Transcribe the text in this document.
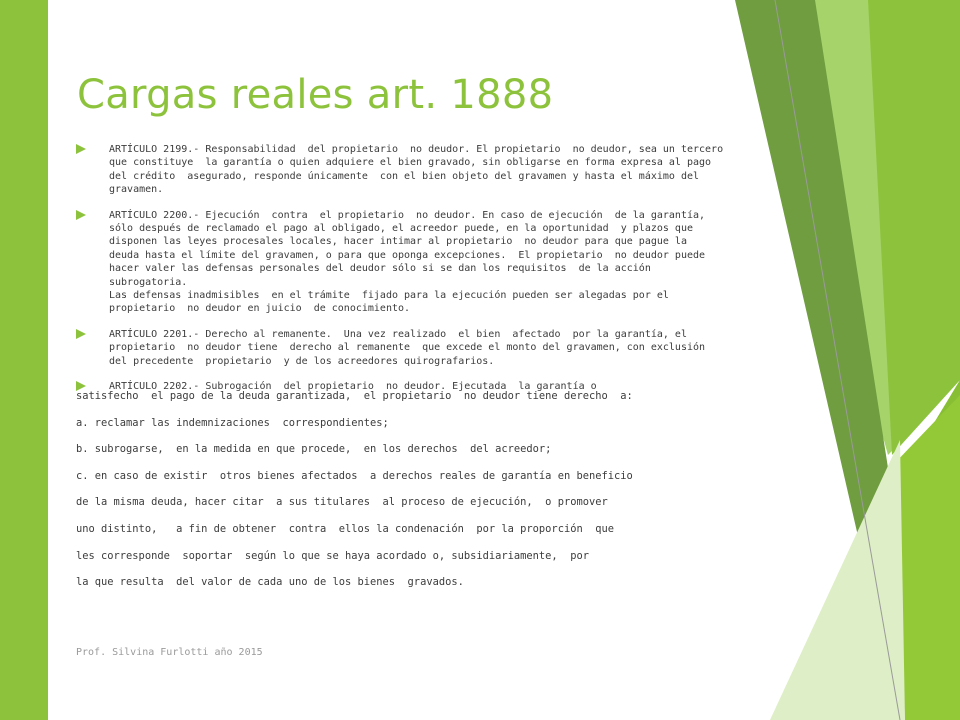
Cargas reales art. 1888
ARTÍCULO 2199.- Responsabilidad  del propietario  no deudor. El propietario  no deudor, sea un tercero
que constituye  la garantía o quien adquiere el bien gravado, sin obligarse en forma expresa al pago
del crédito  asegurado, responde únicamente  con el bien objeto del gravamen y hasta el máximo del
gravamen.
ARTÍCULO 2200.- Ejecución  contra  el propietario  no deudor. En caso de ejecución  de la garantía,
sólo después de reclamado el pago al obligado, el acreedor puede, en la oportunidad  y plazos que
disponen las leyes procesales locales, hacer intimar al propietario  no deudor para que pague la
deuda hasta el límite del gravamen, o para que oponga excepciones.  El propietario  no deudor puede
hacer valer las defensas personales del deudor sólo si se dan los requisitos  de la acción subrogatoria.
Las defensas inadmisibles  en el trámite  fijado para la ejecución pueden ser alegadas por el
propietario  no deudor en juicio  de conocimiento.
ARTÍCULO 2201.- Derecho al remanente.  Una vez realizado  el bien  afectado  por la garantía, el
propietario  no deudor tiene  derecho al remanente  que excede el monto del gravamen, con exclusión
del precedente  propietario  y de los acreedores quirografarios.
ARTÍCULO 2202.- Subrogación  del propietario  no deudor. Ejecutada  la garantía o
satisfecho  el pago de la deuda garantizada,  el propietario  no deudor tiene derecho  a:
a. reclamar las indemnizaciones  correspondientes;
b. subrogarse,  en la medida en que procede,  en los derechos  del acreedor;
c. en caso de existir  otros bienes afectados  a derechos reales de garantía en beneficio
de la misma deuda, hacer citar  a sus titulares  al proceso de ejecución,  o promover
uno distinto,   a fin de obtener  contra  ellos la condenación  por la proporción  que
les corresponde  soportar  según lo que se haya acordado o, subsidiariamente,  por
la que resulta  del valor de cada uno de los bienes  gravados.
Prof. Silvina Furlotti año 2015
